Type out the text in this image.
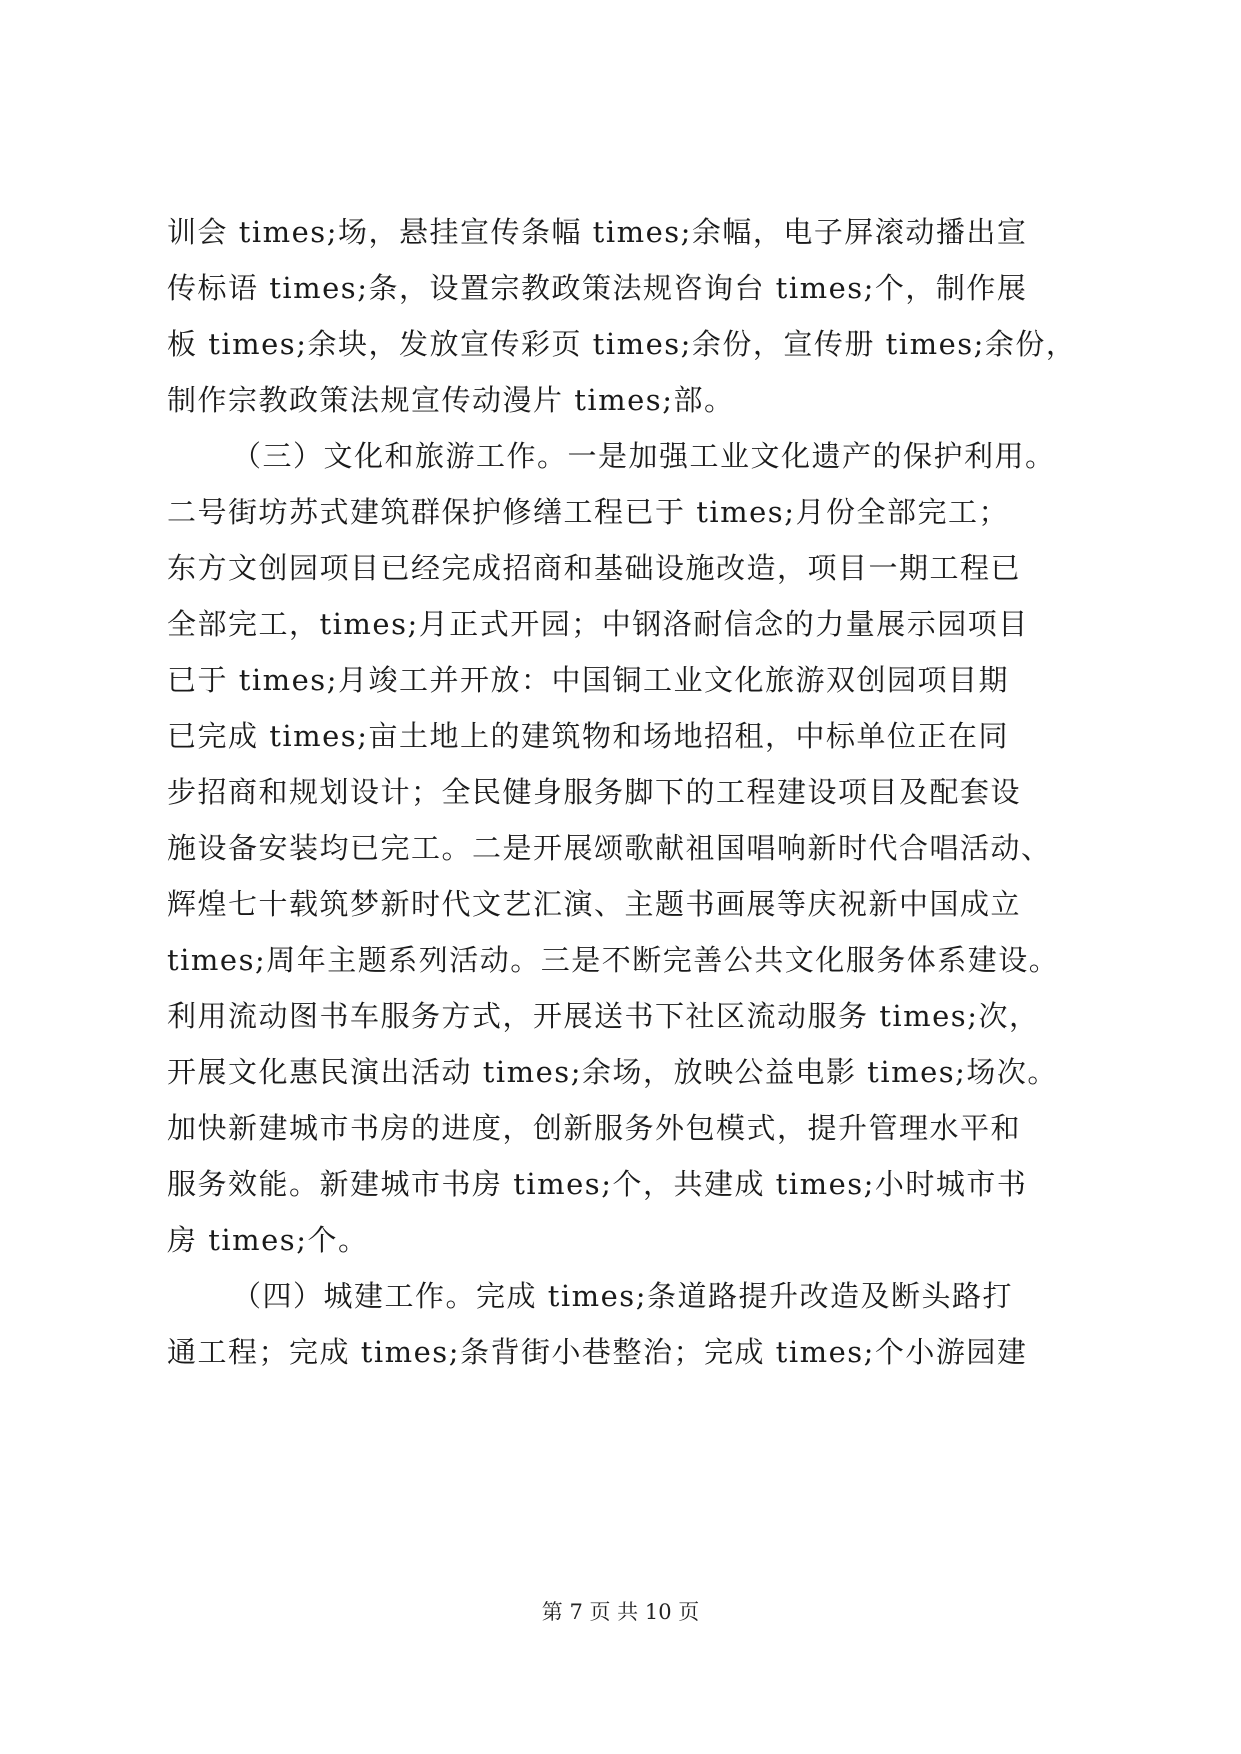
训会 times;场，悬挂宣传条幅 times;余幅，电子屏滚动播出宣
传标语 times;条，设置宗教政策法规咨询台 times;个，制作展
板 times;余块，发放宣传彩页 times;余份，宣传册 times;余份，
制作宗教政策法规宣传动漫片 times;部。
（三）文化和旅游工作。一是加强工业文化遗产的保护利用。
二号街坊苏式建筑群保护修缮工程已于 times;月份全部完工；
东方文创园项目已经完成招商和基础设施改造，项目一期工程已
全部完工，times;月正式开园；中钢洛耐信念的力量展示园项目
已于 times;月竣工并开放：中国铜工业文化旅游双创园项目期
已完成 times;亩土地上的建筑物和场地招租，中标单位正在同
步招商和规划设计；全民健身服务脚下的工程建设项目及配套设
施设备安装均已完工。二是开展颂歌献祖国唱响新时代合唱活动、
辉煌七十载筑梦新时代文艺汇演、主题书画展等庆祝新中国成立
times;周年主题系列活动。三是不断完善公共文化服务体系建设。
利用流动图书车服务方式，开展送书下社区流动服务 times;次，
开展文化惠民演出活动 times;余场，放映公益电影 times;场次。
加快新建城市书房的进度，创新服务外包模式，提升管理水平和
服务效能。新建城市书房 times;个，共建成 times;小时城市书
房 times;个。
（四）城建工作。完成 times;条道路提升改造及断头路打
通工程；完成 times;条背街小巷整治；完成 times;个小游园建
第 7 页 共 10 页
